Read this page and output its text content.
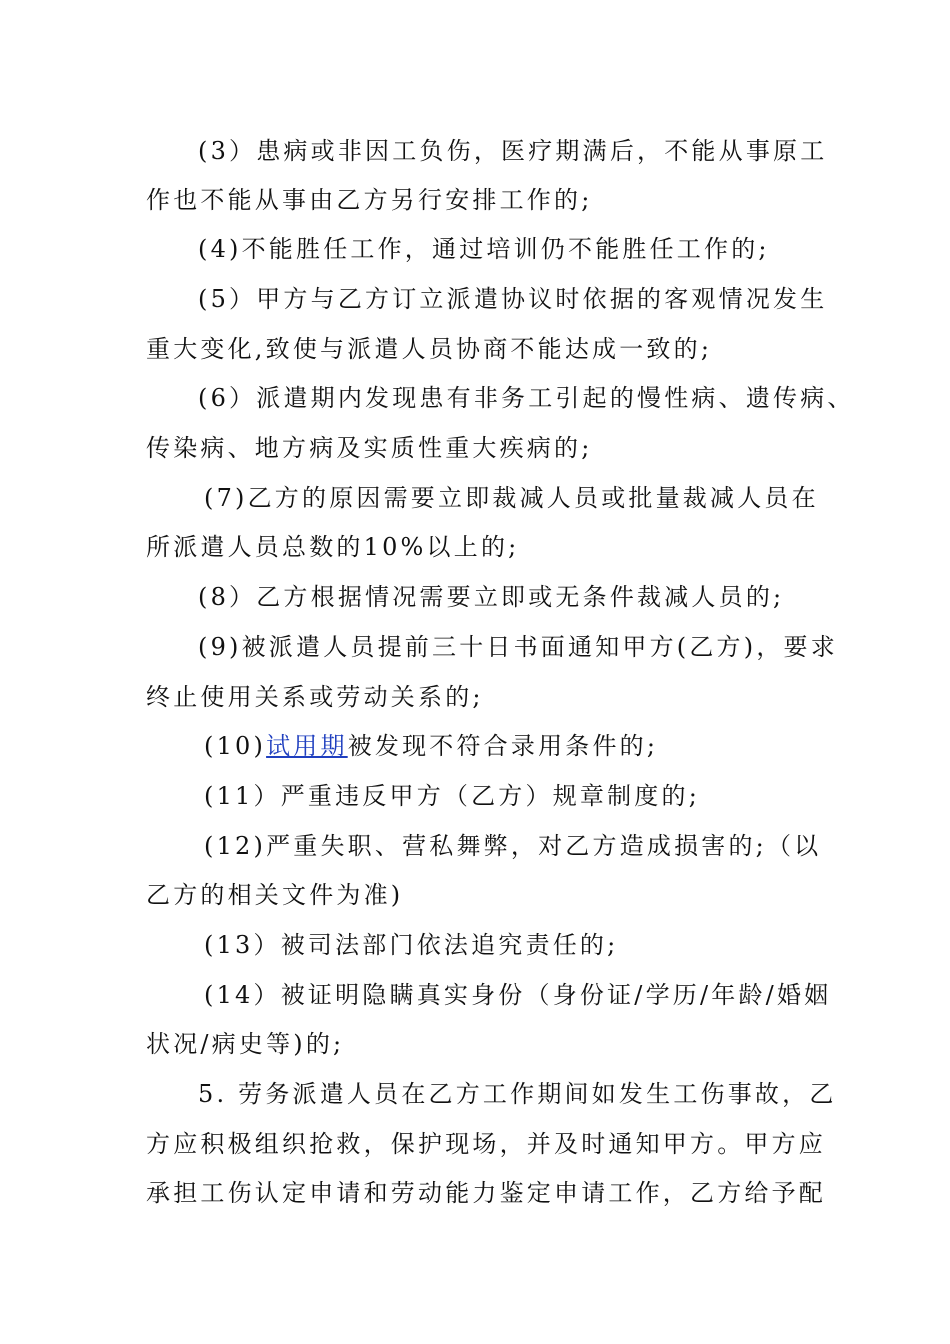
(3）患病或非因工负伤，医疗期满后，不能从事原工
作也不能从事由乙方另行安排工作的;
(4)不能胜任工作，通过培训仍不能胜任工作的;
(5）甲方与乙方订立派遣协议时依据的客观情况发生
重大变化,致使与派遣人员协商不能达成一致的;
(6）派遣期内发现患有非务工引起的慢性病、遗传病、
传染病、地方病及实质性重大疾病的;
(7)乙方的原因需要立即裁减人员或批量裁减人员在
所派遣人员总数的10%以上的;
(8）乙方根据情况需要立即或无条件裁减人员的;
(9)被派遣人员提前三十日书面通知甲方(乙方)，要求
终止使用关系或劳动关系的;
(10)试用期被发现不符合录用条件的;
(11）严重违反甲方（乙方）规章制度的;
(12)严重失职、营私舞弊，对乙方造成损害的;（以
乙方的相关文件为准)
(13）被司法部门依法追究责任的;
(14）被证明隐瞒真实身份（身份证/学历/年龄/婚姻
状况/病史等)的;
5. 劳务派遣人员在乙方工作期间如发生工伤事故，乙
方应积极组织抢救，保护现场，并及时通知甲方。甲方应
承担工伤认定申请和劳动能力鉴定申请工作，乙方给予配
